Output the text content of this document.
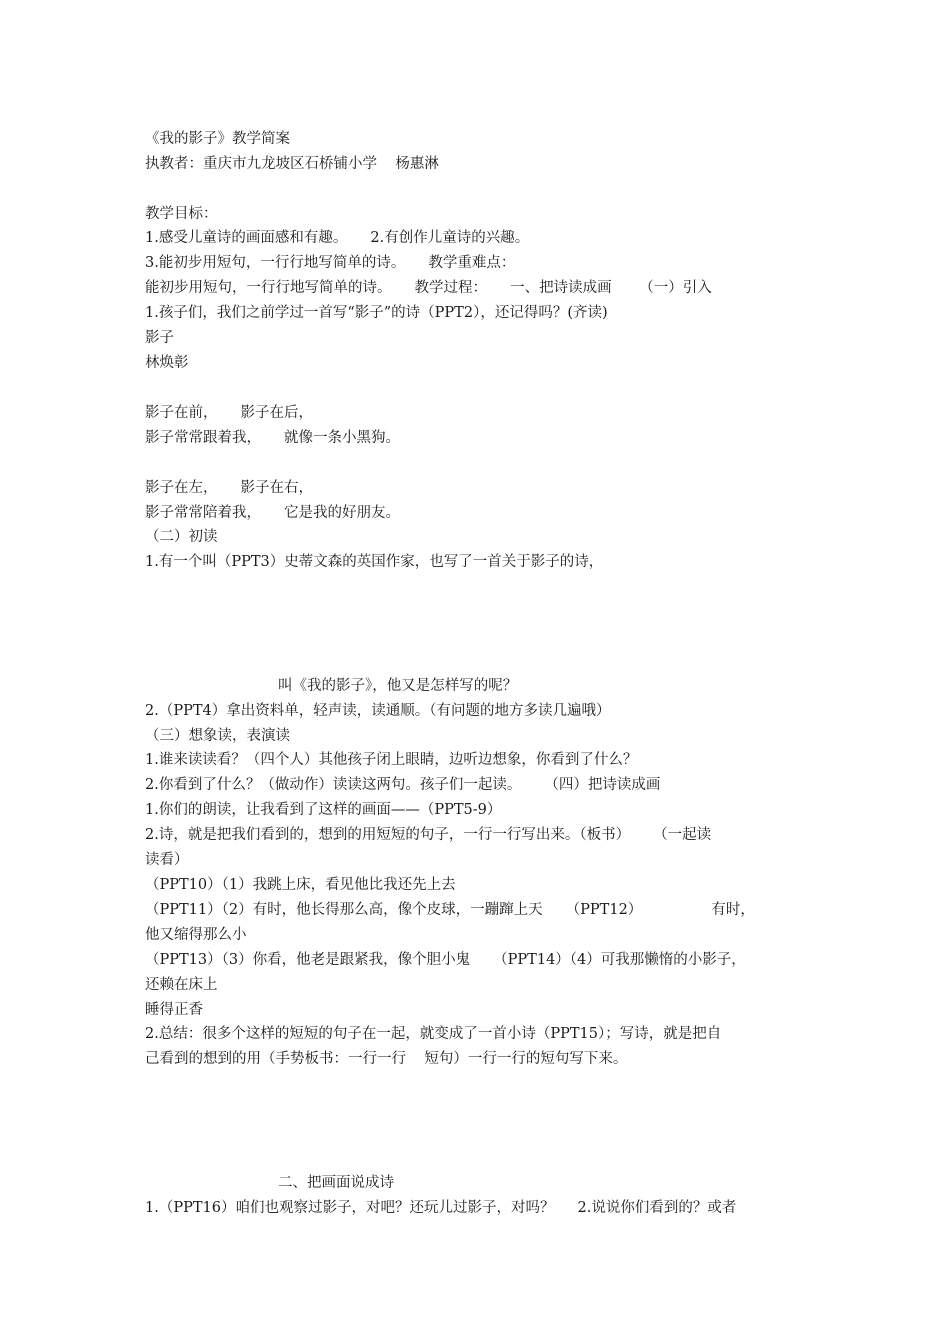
《我的影子》教学简案
执教者：重庆市九龙坡区石桥铺小学    杨惠淋
教学目标：
1.感受儿童诗的画面感和有趣。     2.有创作儿童诗的兴趣。
3.能初步用短句，一行行地写简单的诗。     教学重难点：
能初步用短句，一行行地写简单的诗。     教学过程：     一、把诗读成画      （一）引入
1.孩子们，我们之前学过一首写“影子”的诗（PPT2），还记得吗？(齐读)
影子
林焕彰
影子在前，     影子在后，
影子常常跟着我，     就像一条小黑狗。
影子在左，     影子在右，
影子常常陪着我，     它是我的好朋友。
（二）初读
1.有一个叫（PPT3）史蒂文森的英国作家，也写了一首关于影子的诗，
叫《我的影子》，他又是怎样写的呢？
2.（PPT4）拿出资料单，轻声读，读通顺。（有问题的地方多读几遍哦）
（三）想象读，表演读
1.谁来读读看？（四个人）其他孩子闭上眼睛，边听边想象，你看到了什么？
2.你看到了什么？（做动作）读读这两句。孩子们一起读。     （四）把诗读成画
1.你们的朗读，让我看到了这样的画面——（PPT5-9）
2.诗，就是把我们看到的，想到的用短短的句子，一行一行写出来。（板书）     （一起读
读看）
（PPT10）（1）我跳上床，看见他比我还先上去
（PPT11）（2）有时，他长得那么高，像个皮球，一蹦蹿上天     （PPT12）               有时，
他又缩得那么小
（PPT13）（3）你看，他老是跟紧我，像个胆小鬼     （PPT14）（4）可我那懒惰的小影子，
还赖在床上
睡得正香
2.总结：很多个这样的短短的句子在一起，就变成了一首小诗（PPT15）；写诗，就是把自
己看到的想到的用（手势板书：一行一行    短句）一行一行的短句写下来。
二、把画面说成诗
1.（PPT16）咱们也观察过影子，对吧？还玩儿过影子，对吗？     2.说说你们看到的？或者
